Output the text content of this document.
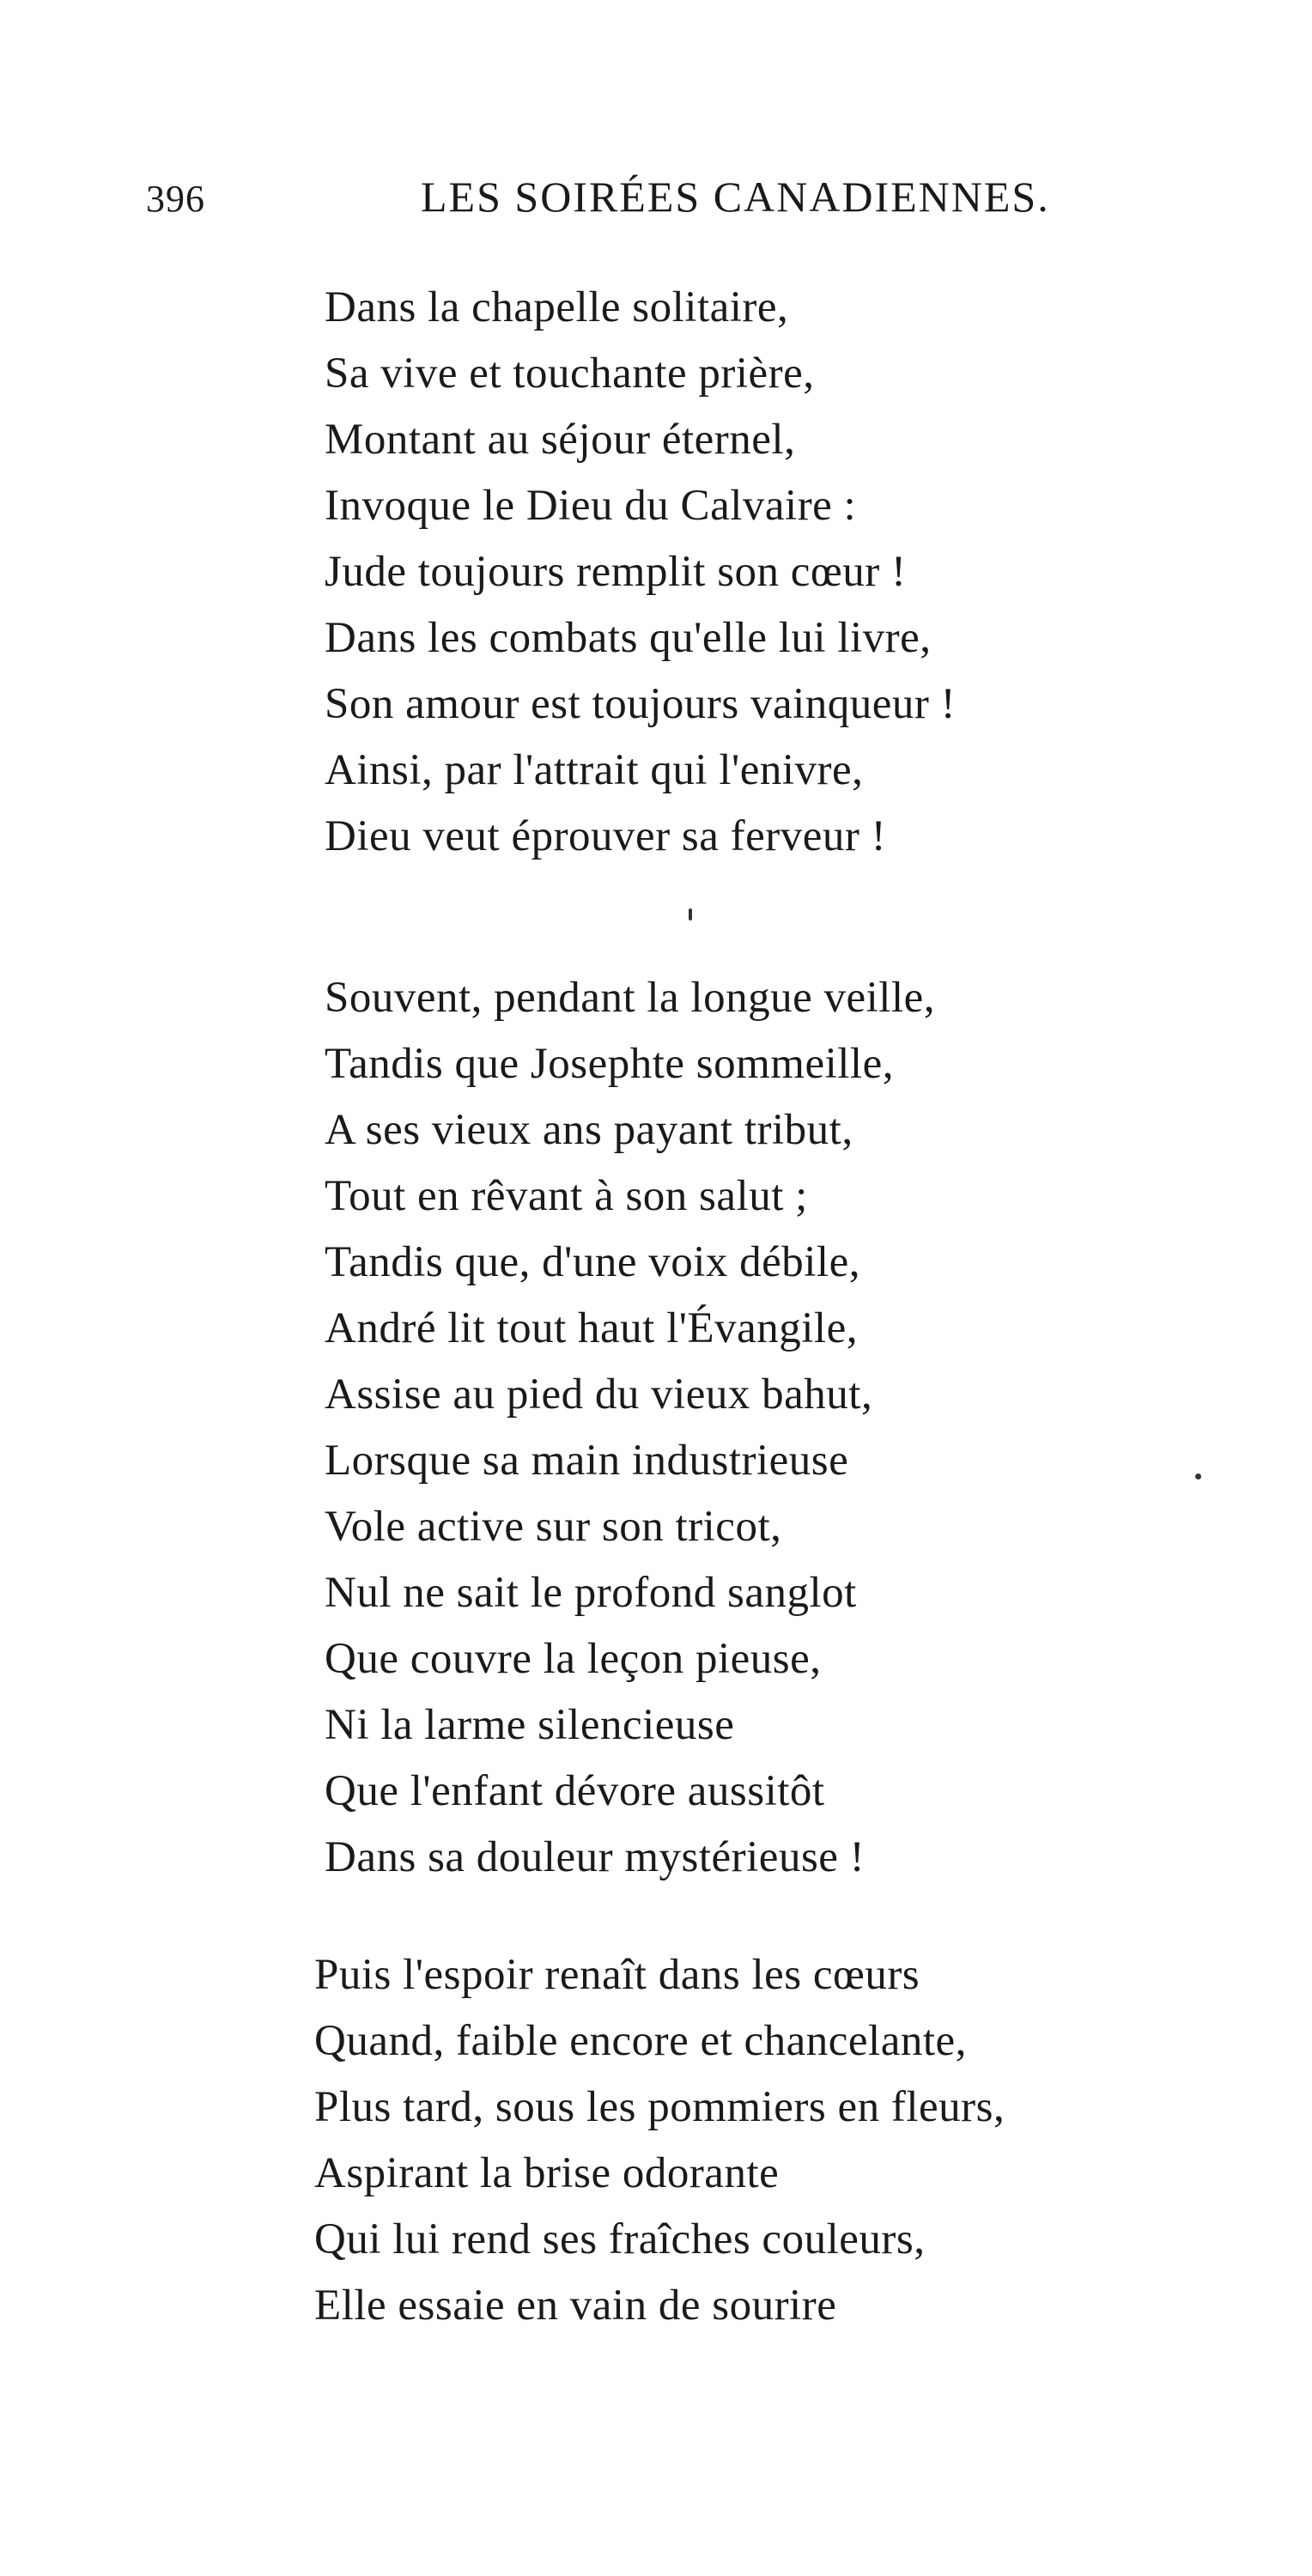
396	LES SOIRÉES CANADIENNES.
Dans la chapelle solitaire,
Sa vive et touchante prière,
Montant au séjour éternel,
Invoque le Dieu du Calvaire :
Jude toujours remplit son cœur !
Dans les combats qu'elle lui livre,
Son amour est toujours vainqueur !
Ainsi, par l'attrait qui l'enivre,
Dieu veut éprouver sa ferveur !
Souvent, pendant la longue veille,
Tandis que Josephte sommeille,
A ses vieux ans payant tribut,
Tout en rêvant à son salut ;
Tandis que, d'une voix débile,
André lit tout haut l'Évangile,
Assise au pied du vieux bahut,
Lorsque sa main industrieuse
Vole active sur son tricot,
Nul ne sait le profond sanglot
Que couvre la leçon pieuse,
Ni la larme silencieuse
Que l'enfant dévore aussitôt
Dans sa douleur mystérieuse !
Puis l'espoir renaît dans les cœurs
Quand, faible encore et chancelante,
Plus tard, sous les pommiers en fleurs,
Aspirant la brise odorante
Qui lui rend ses fraîches couleurs,
Elle essaie en vain de sourire
